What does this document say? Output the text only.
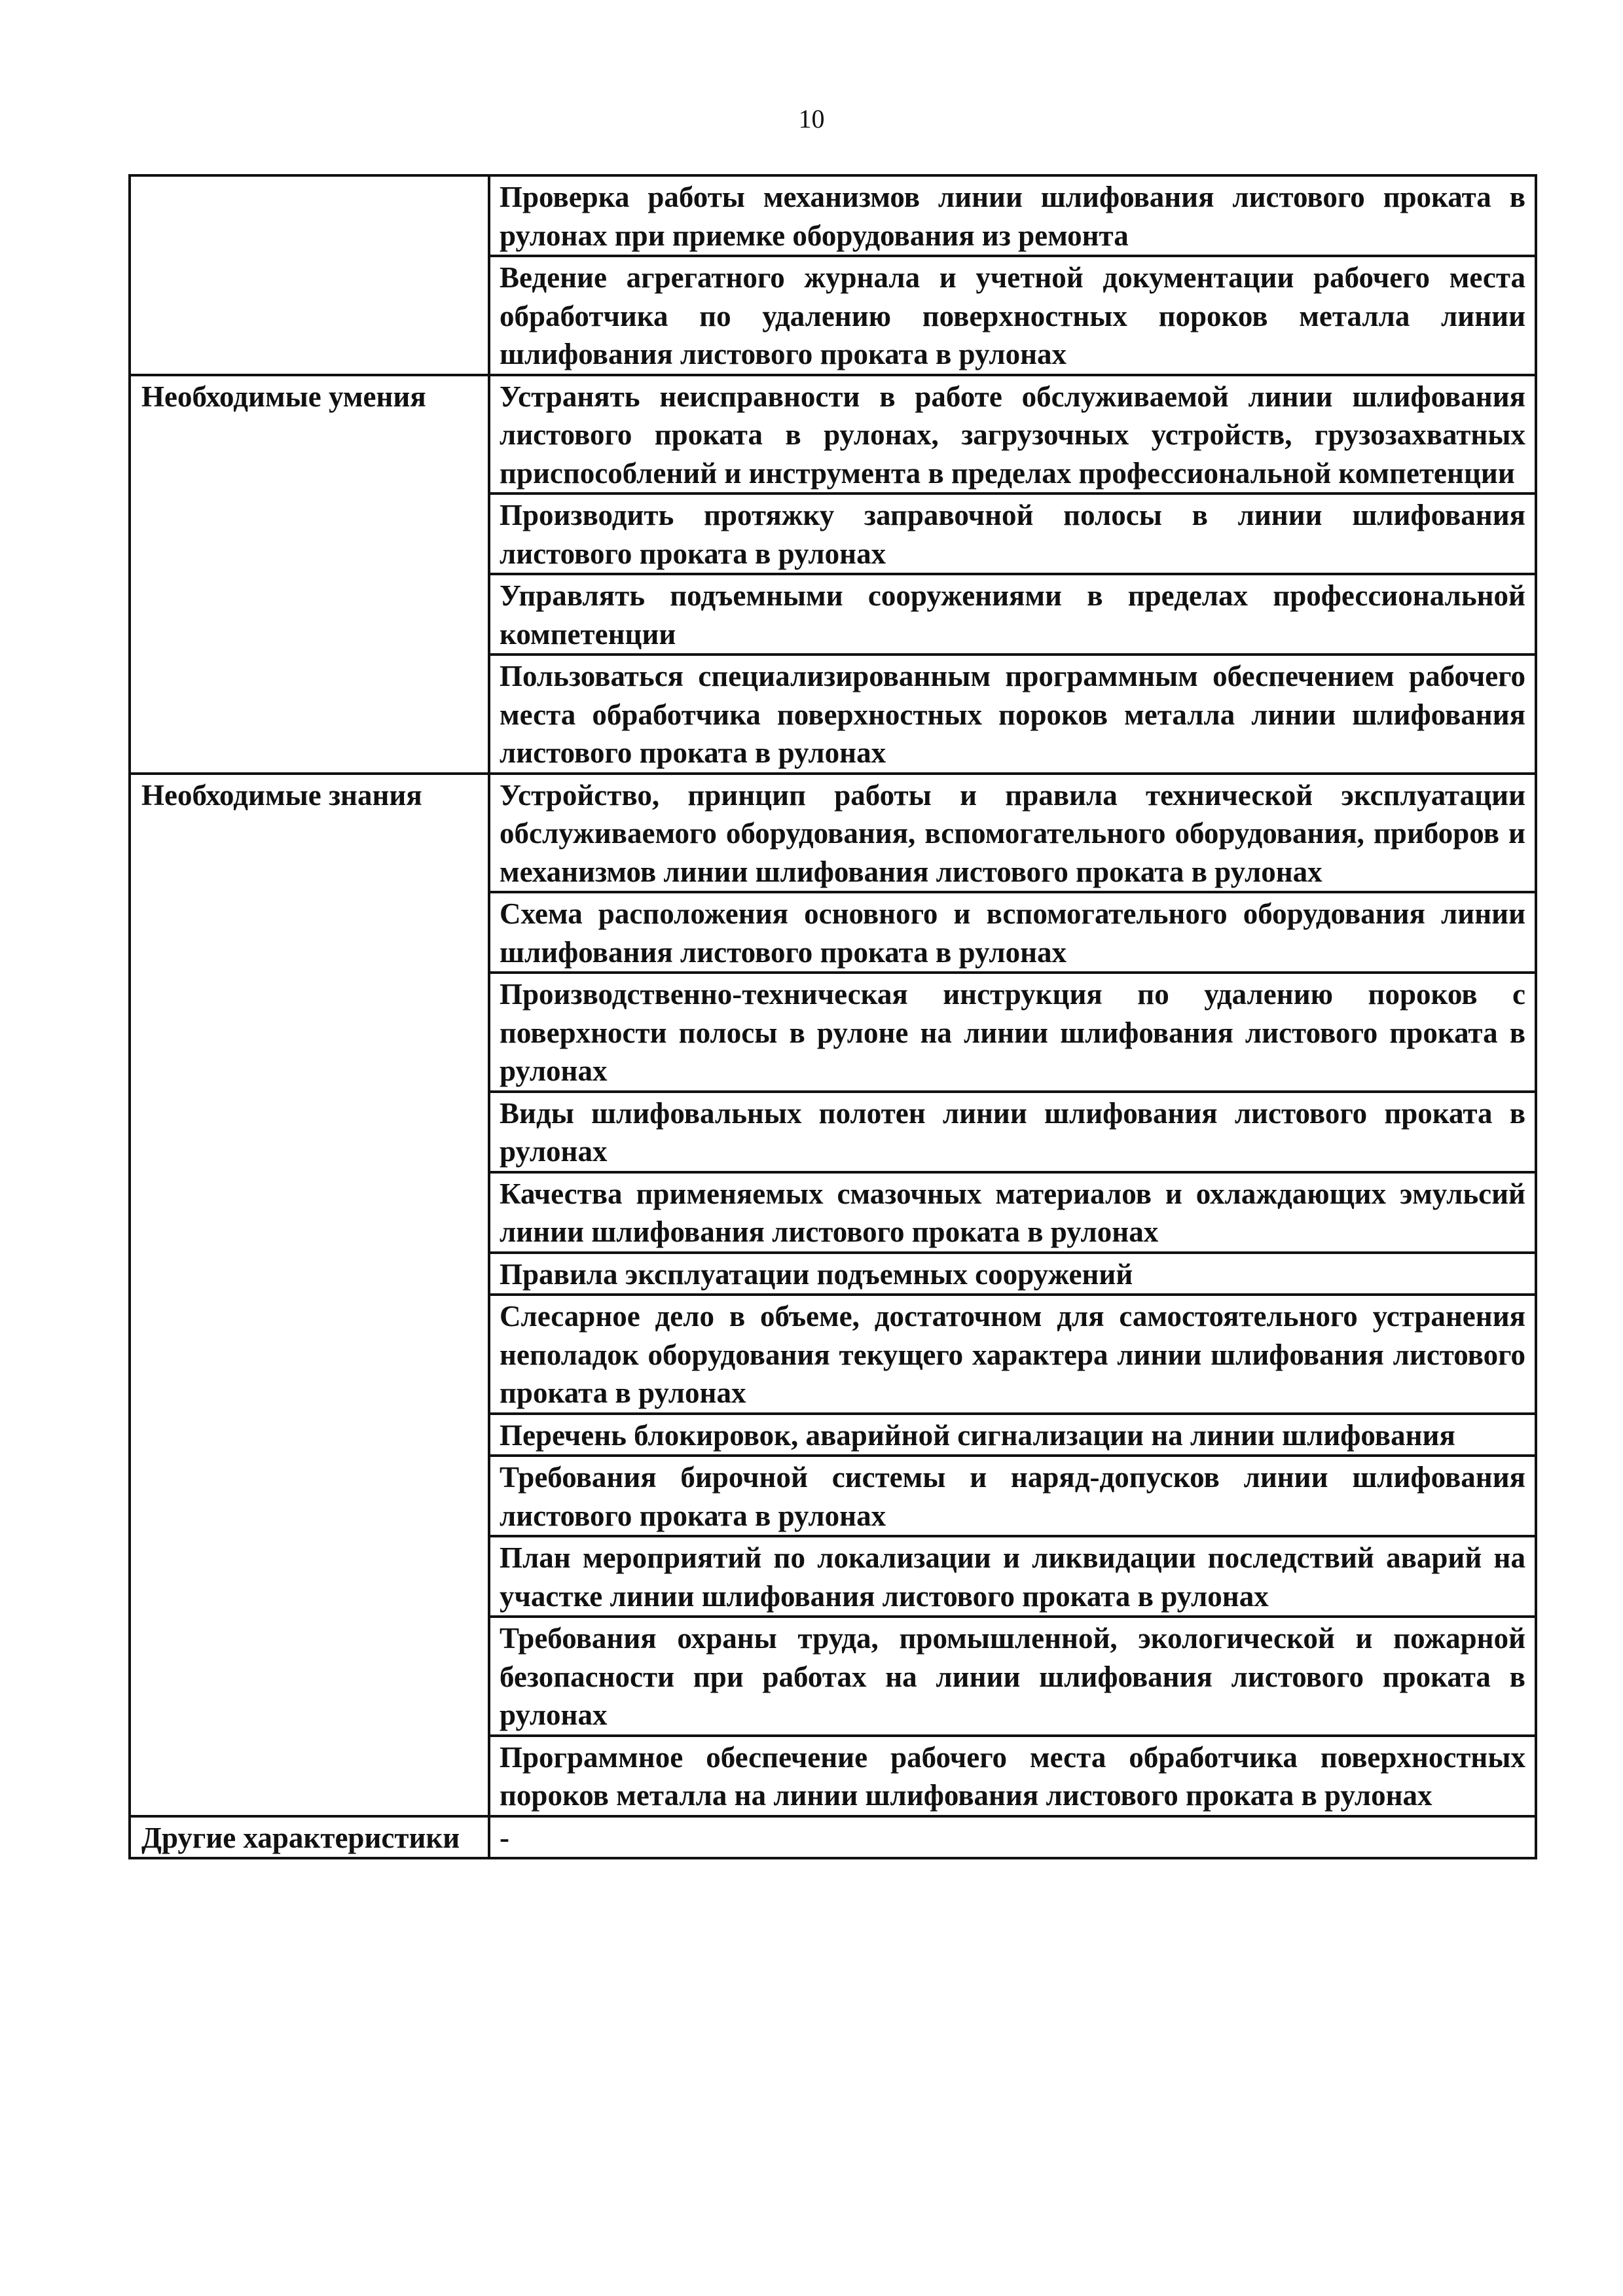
10
	Проверка работы механизмов линии шлифования листового проката в рулонах при приемке оборудования из ремонта
	Ведение агрегатного журнала и учетной документации рабочего места обработчика по удалению поверхностных пороков металла линии шлифования листового проката в рулонах
Необходимые умения	Устранять неисправности в работе обслуживаемой линии шлифования листового проката в рулонах, загрузочных устройств, грузозахватных приспособлений и инструмента в пределах профессиональной компетенции
	Производить протяжку заправочной полосы в линии шлифования листового проката в рулонах
	Управлять подъемными сооружениями в пределах профессиональной компетенции
	Пользоваться специализированным программным обеспечением рабочего места обработчика поверхностных пороков металла линии шлифования листового проката в рулонах
Необходимые знания	Устройство, принцип работы и правила технической эксплуатации обслуживаемого оборудования, вспомогательного оборудования, приборов и механизмов линии шлифования листового проката в рулонах
	Схема расположения основного и вспомогательного оборудования линии шлифования листового проката в рулонах
	Производственно-техническая инструкция по удалению пороков с поверхности полосы в рулоне на линии шлифования листового проката в рулонах
	Виды шлифовальных полотен линии шлифования листового проката в рулонах
	Качества применяемых смазочных материалов и охлаждающих эмульсий линии шлифования листового проката в рулонах
	Правила эксплуатации подъемных сооружений
	Слесарное дело в объеме, достаточном для самостоятельного устранения неполадок оборудования текущего характера линии шлифования листового проката в рулонах
	Перечень блокировок, аварийной сигнализации на линии шлифования
	Требования бирочной системы и наряд-допусков линии шлифования листового проката в рулонах
	План мероприятий по локализации и ликвидации последствий аварий на участке линии шлифования листового проката в рулонах
	Требования охраны труда, промышленной, экологической и пожарной безопасности при работах на линии шлифования листового проката в рулонах
	Программное обеспечение рабочего места обработчика поверхностных пороков металла на линии шлифования листового проката в рулонах
Другие характеристики	-
